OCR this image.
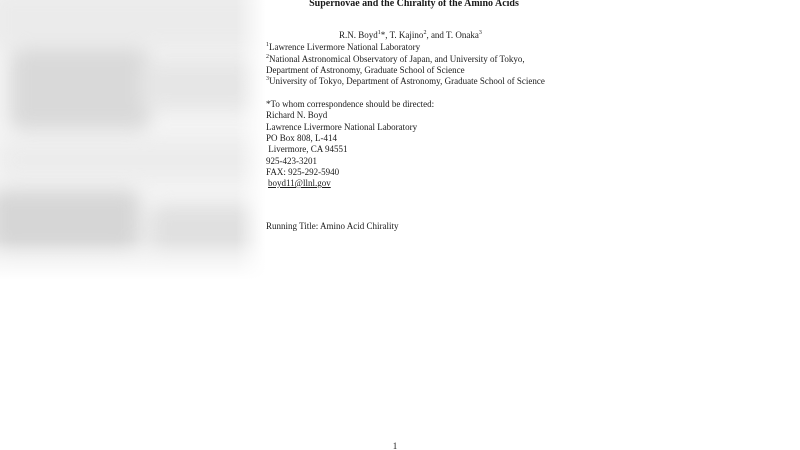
Supernovae and the Chirality of the Amino Acids
R.N. Boyd$^1$*, T. Kajino$^2$, and T. Onaka$^3$
$^1$Lawrence Livermore National Laboratory
$^2$National Astronomical Observatory of Japan, and University of Tokyo,
Department of Astronomy, Graduate School of Science
$^3$University of Tokyo, Department of Astronomy, Graduate School of Science
*To whom correspondence should be directed:
Richard N. Boyd
Lawrence Livermore National Laboratory
PO Box 808, L-414
Livermore, CA 94551
925-423-3201
FAX: 925-292-5940
boyd11@llnl.gov
Running Title: Amino Acid Chirality
1
